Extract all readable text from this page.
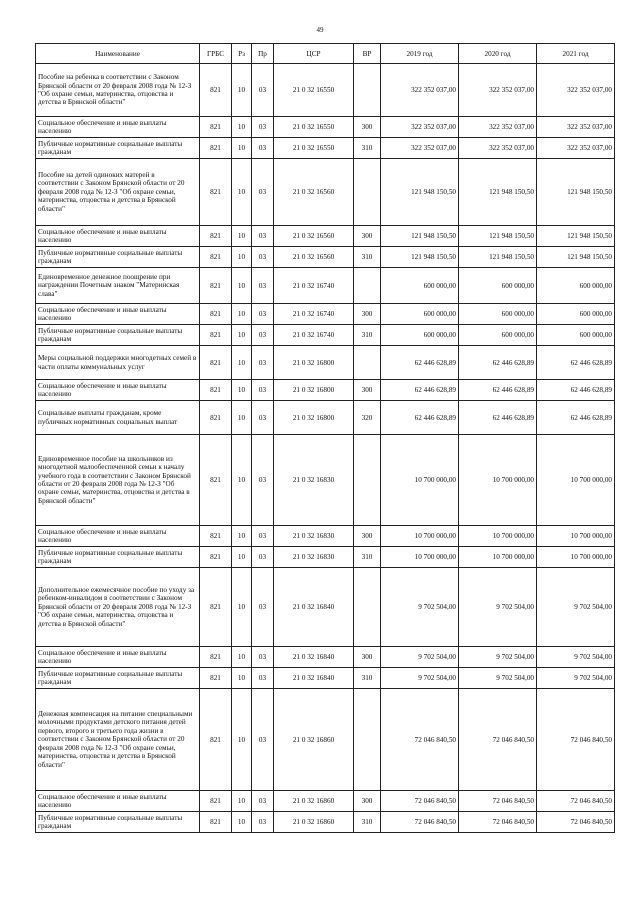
49
Наименование	ГРБС	Рз	Пр	ЦСР	ВР	2019 год	2020 год	2021 год
Пособие на ребенка в соответствии с Законом Брянской области от 20 февраля 2008 года № 12-З "Об охране семьи, материнства, отцовства и детства в Брянской области"	821	10	03	21 0 32 16550		322 352 037,00	322 352 037,00	322 352 037,00
Социальное обеспечение и иные выплаты населению	821	10	03	21 0 32 16550	300	322 352 037,00	322 352 037,00	322 352 037,00
Публичные нормативные социальные выплаты гражданам	821	10	03	21 0 32 16550	310	322 352 037,00	322 352 037,00	322 352 037,00
Пособие на детей одиноких матерей в соответствии с Законом Брянской области от 20 февраля 2008 года № 12-З "Об охране семьи, материнства, отцовства и детства в Брянской области"	821	10	03	21 0 32 16560		121 948 150,50	121 948 150,50	121 948 150,50
Социальное обеспечение и иные выплаты населению	821	10	03	21 0 32 16560	300	121 948 150,50	121 948 150,50	121 948 150,50
Публичные нормативные социальные выплаты гражданам	821	10	03	21 0 32 16560	310	121 948 150,50	121 948 150,50	121 948 150,50
Единовременное денежное поощрение при награждении Почетным знаком "Материнская слава"	821	10	03	21 0 32 16740		600 000,00	600 000,00	600 000,00
Социальное обеспечение и иные выплаты населению	821	10	03	21 0 32 16740	300	600 000,00	600 000,00	600 000,00
Публичные нормативные социальные выплаты гражданам	821	10	03	21 0 32 16740	310	600 000,00	600 000,00	600 000,00
Меры социальной поддержки многодетных семей в части оплаты коммунальных услуг	821	10	03	21 0 32 16800		62 446 628,89	62 446 628,89	62 446 628,89
Социальное обеспечение и иные выплаты населению	821	10	03	21 0 32 16800	300	62 446 628,89	62 446 628,89	62 446 628,89
Социальные выплаты гражданам, кроме публичных нормативных социальных выплат	821	10	03	21 0 32 16800	320	62 446 628,89	62 446 628,89	62 446 628,89
Единовременное пособие на школьников из многодетной малообеспеченной семьи к началу учебного года в соответствии с Законом Брянской области от 20 февраля 2008 года № 12-З "Об охране семьи, материнства, отцовства и детства в Брянской области"	821	10	03	21 0 32 16830		10 700 000,00	10 700 000,00	10 700 000,00
Социальное обеспечение и иные выплаты населению	821	10	03	21 0 32 16830	300	10 700 000,00	10 700 000,00	10 700 000,00
Публичные нормативные социальные выплаты гражданам	821	10	03	21 0 32 16830	310	10 700 000,00	10 700 000,00	10 700 000,00
Дополнительное ежемесячное пособие по уходу за ребенком-инвалидом в соответствии с Законом Брянской области от 20 февраля 2008 года № 12-З "Об охране семьи, материнства, отцовства и детства в Брянской области"	821	10	03	21 0 32 16840		9 702 504,00	9 702 504,00	9 702 504,00
Социальное обеспечение и иные выплаты населению	821	10	03	21 0 32 16840	300	9 702 504,00	9 702 504,00	9 702 504,00
Публичные нормативные социальные выплаты гражданам	821	10	03	21 0 32 16840	310	9 702 504,00	9 702 504,00	9 702 504,00
Денежная компенсация на питание специальными молочными продуктами детского питания детей первого, второго и третьего года жизни в соответствии с Законом Брянской области от 20 февраля 2008 года № 12-З "Об охране семьи, материнства, отцовства и детства в Брянской области"	821	10	03	21 0 32 16860		72 046 840,50	72 046 840,50	72 046 840,50
Социальное обеспечение и иные выплаты населению	821	10	03	21 0 32 16860	300	72 046 840,50	72 046 840,50	72 046 840,50
Публичные нормативные социальные выплаты гражданам	821	10	03	21 0 32 16860	310	72 046 840,50	72 046 840,50	72 046 840,50
